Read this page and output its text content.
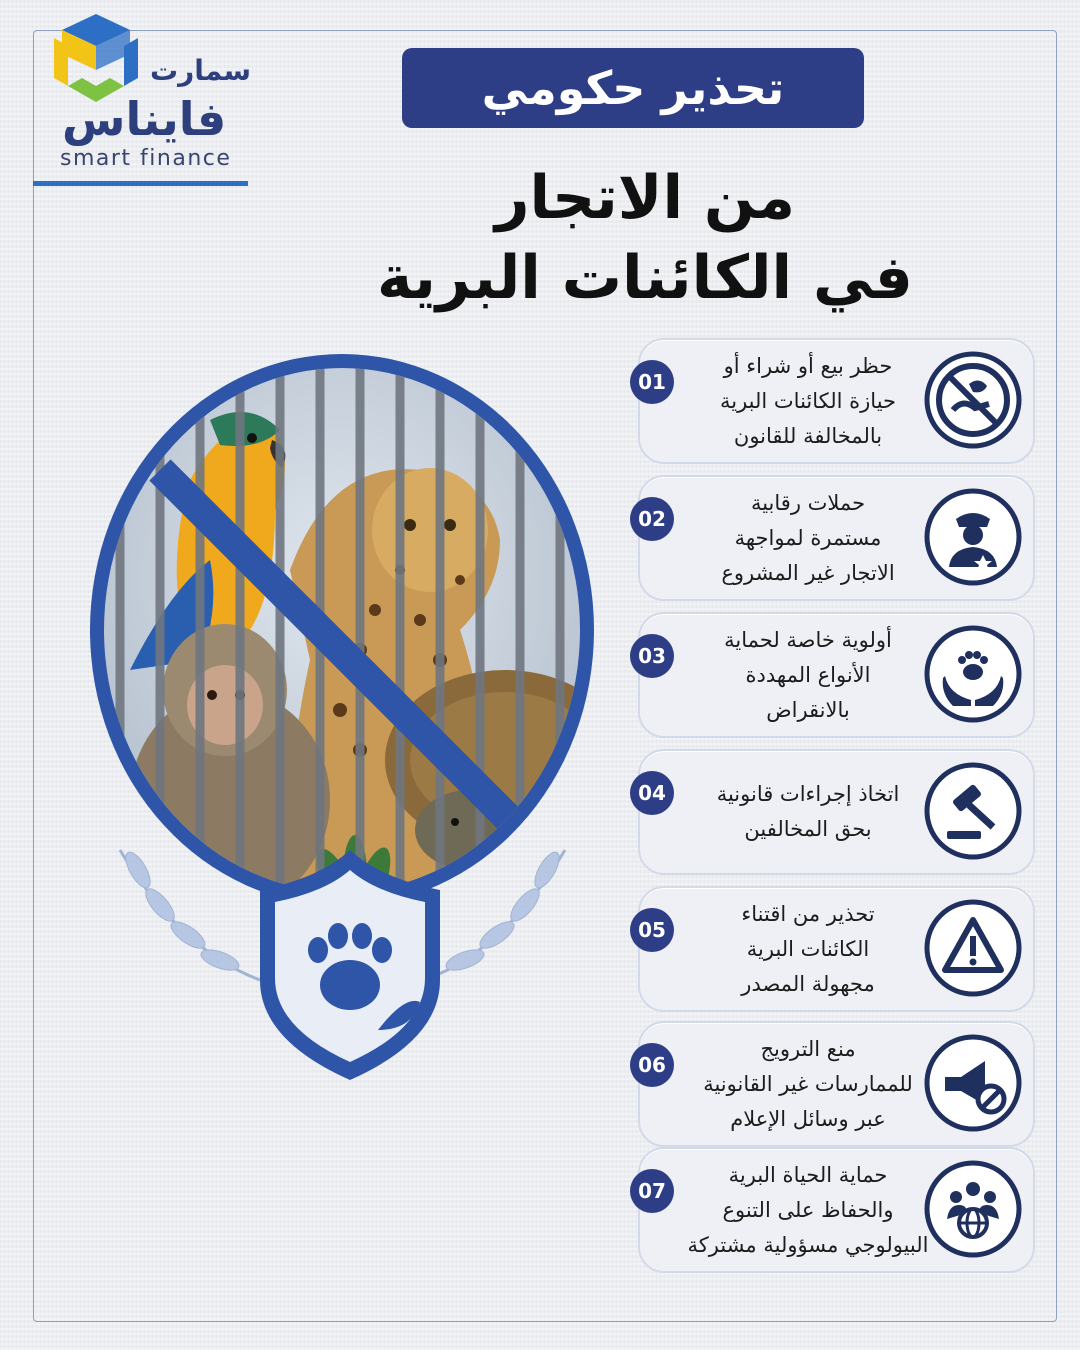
سمارت
فايناس
smart finance
تحذير حكومي
من الاتجار
في الكائنات البرية
01
حظر بيع أو شراء أو
حيازة الكائنات البرية
بالمخالفة للقانون
02
حملات رقابية
مستمرة لمواجهة
الاتجار غير المشروع
03
أولوية خاصة لحماية
الأنواع المهددة
بالانقراض
04	اتخاذ إجراءات قانونية
بحق المخالفين
05
تحذير من اقتناء
الكائنات البرية
مجهولة المصدر
06
منع الترويج
للممارسات غير القانونية
عبر وسائل الإعلام
07
حماية الحياة البرية
والحفاظ على التنوع
البيولوجي مسؤولية مشتركة
